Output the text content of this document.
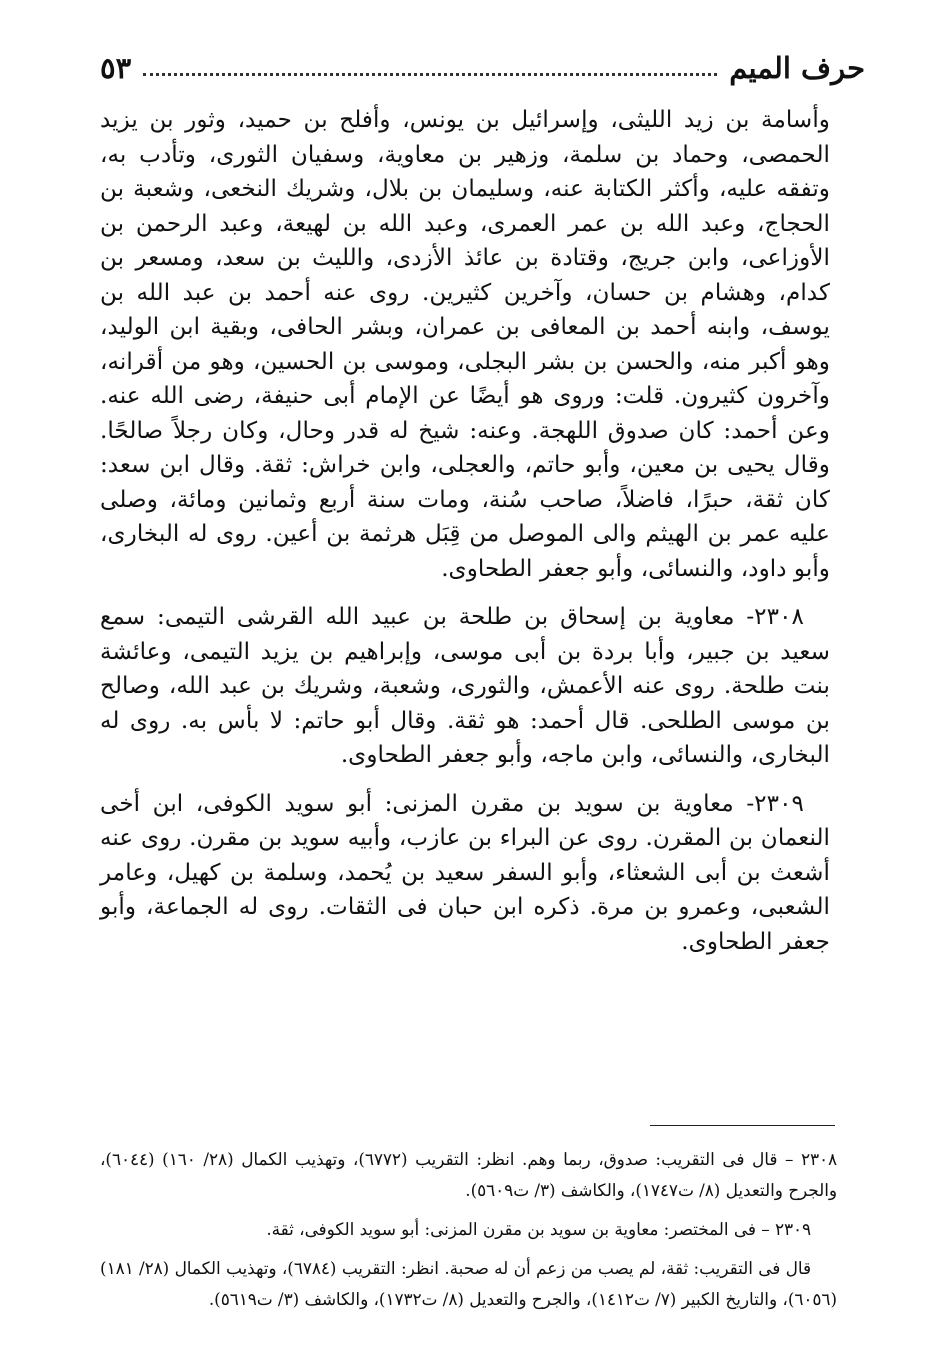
حرف الميم
٥٣

وأسامة بن زيد الليثى، وإسرائيل بن يونس، وأفلح بن حميد، وثور بن يزيد الحمصى، وحماد بن سلمة، وزهير بن معاوية، وسفيان الثورى، وتأدب به، وتفقه عليه، وأكثر الكتابة عنه، وسليمان بن بلال، وشريك النخعى، وشعبة بن الحجاج، وعبد الله بن عمر العمرى، وعبد الله بن لهيعة، وعبد الرحمن بن الأوزاعى، وابن جريج، وقتادة بن عائذ الأزدى، والليث بن سعد، ومسعر بن كدام، وهشام بن حسان، وآخرين كثيرين. روى عنه أحمد بن عبد الله بن يوسف، وابنه أحمد بن المعافى بن عمران، وبشر الحافى، وبقية ابن الوليد، وهو أكبر منه، والحسن بن بشر البجلى، وموسى بن الحسين، وهو من أقرانه، وآخرون كثيرون. قلت: وروى هو أيضًا عن الإمام أبى حنيفة، رضى الله عنه. وعن أحمد: كان صدوق اللهجة. وعنه: شيخ له قدر وحال، وكان رجلاً صالحًا. وقال يحيى بن معين، وأبو حاتم، والعجلى، وابن خراش: ثقة. وقال ابن سعد: كان ثقة، حبرًا، فاضلاً، صاحب سُنة، ومات سنة أربع وثمانين ومائة، وصلى عليه عمر بن الهيثم والى الموصل من قِبَل هرثمة بن أعين. روى له البخارى، وأبو داود، والنسائى، وأبو جعفر الطحاوى.

٢٣٠٨- معاوية بن إسحاق بن طلحة بن عبيد الله القرشى التيمى: سمع سعيد بن جبير، وأبا بردة بن أبى موسى، وإبراهيم بن يزيد التيمى، وعائشة بنت طلحة. روى عنه الأعمش، والثورى، وشعبة، وشريك بن عبد الله، وصالح بن موسى الطلحى. قال أحمد: هو ثقة. وقال أبو حاتم: لا بأس به. روى له البخارى، والنسائى، وابن ماجه، وأبو جعفر الطحاوى.

٢٣٠٩- معاوية بن سويد بن مقرن المزنى: أبو سويد الكوفى، ابن أخى النعمان بن المقرن. روى عن البراء بن عازب، وأبيه سويد بن مقرن. روى عنه أشعث بن أبى الشعثاء، وأبو السفر سعيد بن يُحمد، وسلمة بن كهيل، وعامر الشعبى، وعمرو بن مرة. ذكره ابن حبان فى الثقات. روى له الجماعة، وأبو جعفر الطحاوى.

٢٣٠٨ – قال فى التقريب: صدوق، ربما وهم. انظر: التقريب (٦٧٧٢)، وتهذيب الكمال (٢٨/ ١٦٠) (٦٠٤٤)، والجرح والتعديل (٨/ ت١٧٤٧)، والكاشف (٣/ ت٥٦٠٩).

٢٣٠٩ – فى المختصر: معاوية بن سويد بن مقرن المزنى: أبو سويد الكوفى، ثقة.

قال فى التقريب: ثقة، لم يصب من زعم أن له صحبة. انظر: التقريب (٦٧٨٤)، وتهذيب الكمال (٢٨/ ١٨١) (٦٠٥٦)، والتاريخ الكبير (٧/ ت١٤١٢)، والجرح والتعديل (٨/ ت١٧٣٢)، والكاشف (٣/ ت٥٦١٩).
